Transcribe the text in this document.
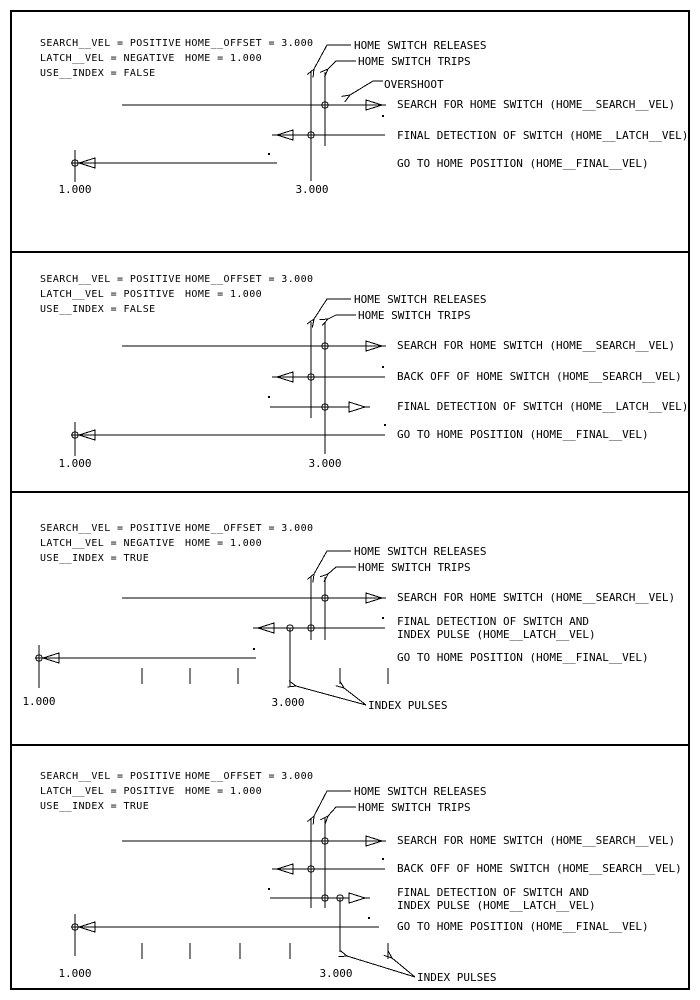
SEARCH__VEL = POSITIVE HOME__OFFSET = 3.000
LATCH__VEL = NEGATIVE HOME = 1.000
USE__INDEX = FALSE
HOME SWITCH RELEASES
HOME SWITCH TRIPS
OVERSHOOT
1.000	3.000
SEARCH FOR HOME SWITCH (HOME__SEARCH__VEL)
FINAL DETECTION OF SWITCH (HOME__LATCH__VEL)
GO TO HOME POSITION (HOME__FINAL__VEL)
SEARCH__VEL = POSITIVE HOME__OFFSET = 3.000
LATCH__VEL = POSITIVE HOME = 1.000
USE__INDEX = FALSE
HOME SWITCH RELEASES
HOME SWITCH TRIPS
1.000	3.000
SEARCH FOR HOME SWITCH (HOME__SEARCH__VEL)
BACK OFF OF HOME SWITCH (HOME__SEARCH__VEL)
FINAL DETECTION OF SWITCH (HOME__LATCH__VEL)
GO TO HOME POSITION (HOME__FINAL__VEL)
SEARCH__VEL = POSITIVE HOME__OFFSET = 3.000
LATCH__VEL = NEGATIVE HOME = 1.000
USE__INDEX = TRUE
HOME SWITCH RELEASES
HOME SWITCH TRIPS
INDEX PULSES
1.000	3.000
SEARCH FOR HOME SWITCH (HOME__SEARCH__VEL)
FINAL DETECTION OF SWITCH AND
INDEX PULSE (HOME__LATCH__VEL)
GO TO HOME POSITION (HOME__FINAL__VEL)
SEARCH__VEL = POSITIVE HOME__OFFSET = 3.000
LATCH__VEL = POSITIVE HOME = 1.000
USE__INDEX = TRUE
HOME SWITCH RELEASES
HOME SWITCH TRIPS
INDEX PULSES
1.000	3.000
SEARCH FOR HOME SWITCH (HOME__SEARCH__VEL)
BACK OFF OF HOME SWITCH (HOME__SEARCH__VEL)
FINAL DETECTION OF SWITCH AND
INDEX PULSE (HOME__LATCH__VEL)
GO TO HOME POSITION (HOME__FINAL__VEL)
